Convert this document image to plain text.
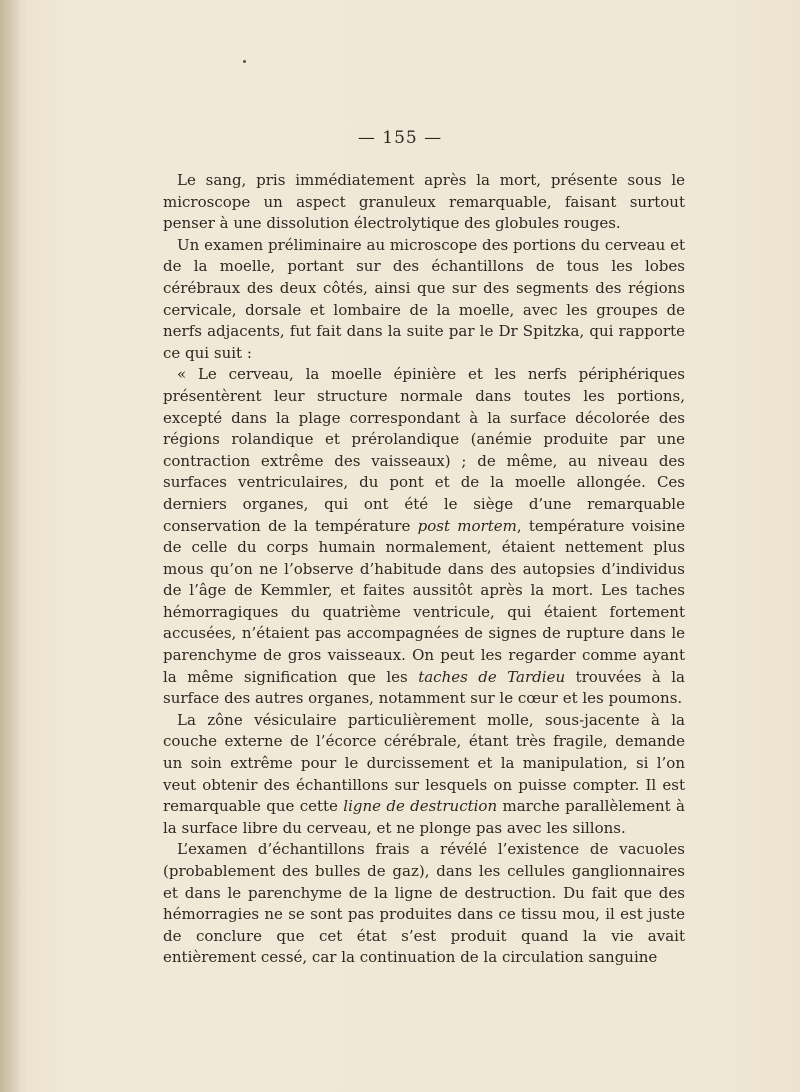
— 155 —

Le sang, pris immédiatement après la mort, présente sous le microscope un aspect granuleux remarquable, faisant surtout penser à une dissolution électrolytique des globules rouges.

Un examen préliminaire au microscope des portions du cerveau et de la moelle, portant sur des échantillons de tous les lobes cérébraux des deux côtés, ainsi que sur des segments des régions cervicale, dorsale et lombaire de la moelle, avec les groupes de nerfs adjacents, fut fait dans la suite par le Dr Spitzka, qui rapporte ce qui suit :

« Le cerveau, la moelle épinière et les nerfs périphériques présentèrent leur structure normale dans toutes les portions, excepté dans la plage correspondant à la surface décolorée des régions rolandique et prérolandique (anémie produite par une contraction extrême des vaisseaux) ; de même, au niveau des surfaces ventriculaires, du pont et de la moelle allongée. Ces derniers organes, qui ont été le siège d’une remarquable conservation de la température post mortem, température voisine de celle du corps humain normalement, étaient nettement plus mous qu’on ne l’observe d’habitude dans des autopsies d’individus de l’âge de Kemmler, et faites aussitôt après la mort. Les taches hémorragiques du quatrième ventricule, qui étaient fortement accusées, n’étaient pas accompagnées de signes de rupture dans le parenchyme de gros vaisseaux. On peut les regarder comme ayant la même signification que les taches de Tardieu trouvées à la surface des autres organes, notamment sur le cœur et les poumons.

La zône vésiculaire particulièrement molle, sous-jacente à la couche externe de l’écorce cérébrale, étant très fragile, demande un soin extrême pour le durcissement et la manipulation, si l’on veut obtenir des échantillons sur lesquels on puisse compter. Il est remarquable que cette ligne de destruction marche parallèlement à la surface libre du cerveau, et ne plonge pas avec les sillons.

L’examen d’échantillons frais a révélé l’existence de vacuoles (probablement des bulles de gaz), dans les cellules ganglionnaires et dans le parenchyme de la ligne de destruction. Du fait que des hémorragies ne se sont pas produites dans ce tissu mou, il est juste de conclure que cet état s’est produit quand la vie avait entièrement cessé, car la continuation de la circulation sanguine
